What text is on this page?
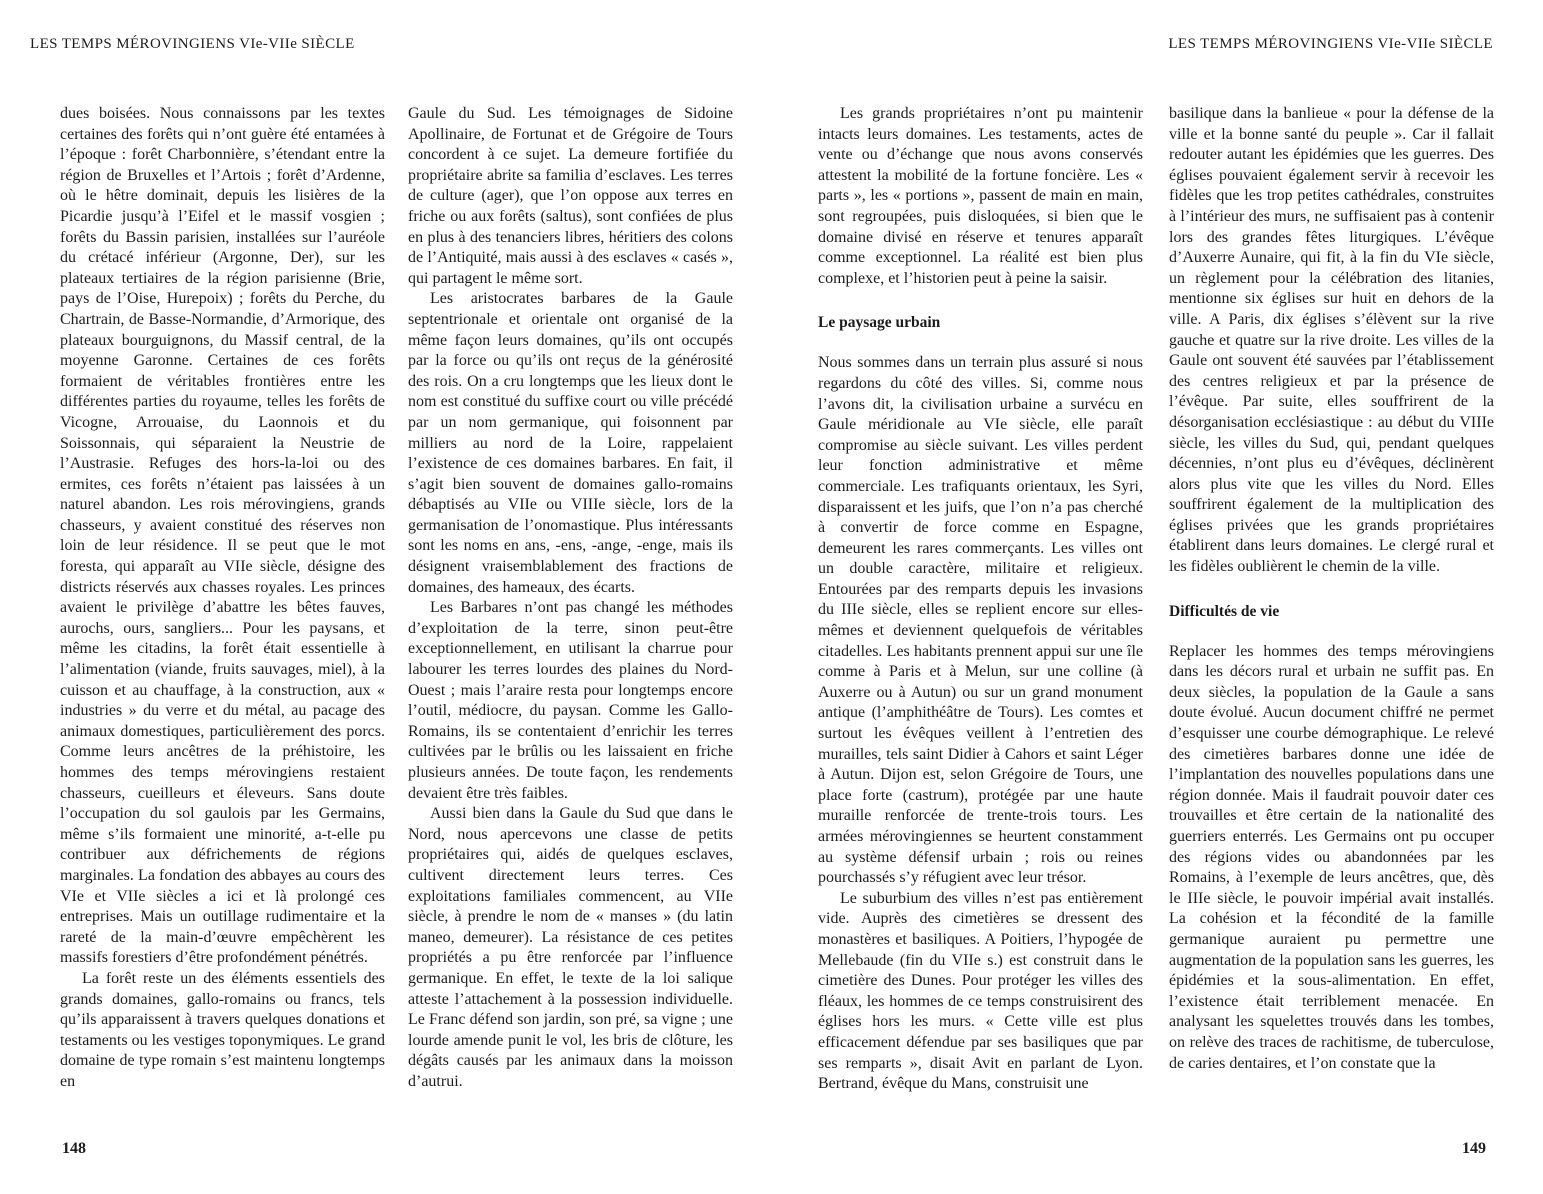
LES TEMPS MÉROVINGIENS VIe-VIIe SIÈCLE	LES TEMPS MÉROVINGIENS VIe-VIIe SIÈCLE

dues boisées. Nous connaissons par les textes certaines des forêts qui n’ont guère été entamées à l’époque : forêt Charbonnière, s’étendant entre la région de Bruxelles et l’Artois ; forêt d’Ardenne, où le hêtre dominait, depuis les lisières de la Picardie jusqu’à l’Eifel et le massif vosgien ; forêts du Bassin parisien, installées sur l’auréole du crétacé inférieur (Argonne, Der), sur les plateaux tertiaires de la région parisienne (Brie, pays de l’Oise, Hurepoix) ; forêts du Perche, du Chartrain, de Basse-Normandie, d’Armorique, des plateaux bourguignons, du Massif central, de la moyenne Garonne. Certaines de ces forêts formaient de véritables frontières entre les différentes parties du royaume, telles les forêts de Vicogne, Arrouaise, du Laonnois et du Soissonnais, qui séparaient la Neustrie de l’Austrasie. Refuges des hors-la-loi ou des ermites, ces forêts n’étaient pas laissées à un naturel abandon. Les rois mérovingiens, grands chasseurs, y avaient constitué des réserves non loin de leur résidence. Il se peut que le mot foresta, qui apparaît au VIIe siècle, désigne des districts réservés aux chasses royales. Les princes avaient le privilège d’abattre les bêtes fauves, aurochs, ours, sangliers... Pour les paysans, et même les citadins, la forêt était essentielle à l’alimentation (viande, fruits sauvages, miel), à la cuisson et au chauffage, à la construction, aux « industries » du verre et du métal, au pacage des animaux domestiques, particulièrement des porcs. Comme leurs ancêtres de la préhistoire, les hommes des temps mérovingiens restaient chasseurs, cueilleurs et éleveurs. Sans doute l’occupation du sol gaulois par les Germains, même s’ils formaient une minorité, a-t-elle pu contribuer aux défrichements de régions marginales. La fondation des abbayes au cours des VIe et VIIe siècles a ici et là prolongé ces entreprises. Mais un outillage rudimentaire et la rareté de la main-d’œuvre empêchèrent les massifs forestiers d’être profondément pénétrés.

La forêt reste un des éléments essentiels des grands domaines, gallo-romains ou francs, tels qu’ils apparaissent à travers quelques donations et testaments ou les vestiges toponymiques. Le grand domaine de type romain s’est maintenu longtemps en

Gaule du Sud. Les témoignages de Sidoine Apollinaire, de Fortunat et de Grégoire de Tours concordent à ce sujet. La demeure fortifiée du propriétaire abrite sa familia d’esclaves. Les terres de culture (ager), que l’on oppose aux terres en friche ou aux forêts (saltus), sont confiées de plus en plus à des tenanciers libres, héritiers des colons de l’Antiquité, mais aussi à des esclaves « casés », qui partagent le même sort.

Les aristocrates barbares de la Gaule septentrionale et orientale ont organisé de la même façon leurs domaines, qu’ils ont occupés par la force ou qu’ils ont reçus de la générosité des rois. On a cru longtemps que les lieux dont le nom est constitué du suffixe court ou ville précédé par un nom germanique, qui foisonnent par milliers au nord de la Loire, rappelaient l’existence de ces domaines barbares. En fait, il s’agit bien souvent de domaines gallo-romains débaptisés au VIIe ou VIIIe siècle, lors de la germanisation de l’onomastique. Plus intéressants sont les noms en ans, -ens, -ange, -enge, mais ils désignent vraisemblablement des fractions de domaines, des hameaux, des écarts.

Les Barbares n’ont pas changé les méthodes d’exploitation de la terre, sinon peut-être exceptionnellement, en utilisant la charrue pour labourer les terres lourdes des plaines du Nord-Ouest ; mais l’araire resta pour longtemps encore l’outil, médiocre, du paysan. Comme les Gallo-Romains, ils se contentaient d’enrichir les terres cultivées par le brûlis ou les laissaient en friche plusieurs années. De toute façon, les rendements devaient être très faibles.

Aussi bien dans la Gaule du Sud que dans le Nord, nous apercevons une classe de petits propriétaires qui, aidés de quelques esclaves, cultivent directement leurs terres. Ces exploitations familiales commencent, au VIIe siècle, à prendre le nom de « manses » (du latin maneo, demeurer). La résistance de ces petites propriétés a pu être renforcée par l’influence germanique. En effet, le texte de la loi salique atteste l’attachement à la possession individuelle. Le Franc défend son jardin, son pré, sa vigne ; une lourde amende punit le vol, les bris de clôture, les dégâts causés par les animaux dans la moisson d’autrui.

Les grands propriétaires n’ont pu maintenir intacts leurs domaines. Les testaments, actes de vente ou d’échange que nous avons conservés attestent la mobilité de la fortune foncière. Les « parts », les « portions », passent de main en main, sont regroupées, puis disloquées, si bien que le domaine divisé en réserve et tenures apparaît comme exceptionnel. La réalité est bien plus complexe, et l’historien peut à peine la saisir.

Le paysage urbain

Nous sommes dans un terrain plus assuré si nous regardons du côté des villes. Si, comme nous l’avons dit, la civilisation urbaine a survécu en Gaule méridionale au VIe siècle, elle paraît compromise au siècle suivant. Les villes perdent leur fonction administrative et même commerciale. Les trafiquants orientaux, les Syri, disparaissent et les juifs, que l’on n’a pas cherché à convertir de force comme en Espagne, demeurent les rares commerçants. Les villes ont un double caractère, militaire et religieux. Entourées par des remparts depuis les invasions du IIIe siècle, elles se replient encore sur elles-mêmes et deviennent quelquefois de véritables citadelles. Les habitants prennent appui sur une île comme à Paris et à Melun, sur une colline (à Auxerre ou à Autun) ou sur un grand monument antique (l’amphithéâtre de Tours). Les comtes et surtout les évêques veillent à l’entretien des murailles, tels saint Didier à Cahors et saint Léger à Autun. Dijon est, selon Grégoire de Tours, une place forte (castrum), protégée par une haute muraille renforcée de trente-trois tours. Les armées mérovingiennes se heurtent constamment au système défensif urbain ; rois ou reines pourchassés s’y réfugient avec leur trésor.

Le suburbium des villes n’est pas entièrement vide. Auprès des cimetières se dressent des monastères et basiliques. A Poitiers, l’hypogée de Mellebaude (fin du VIIe s.) est construit dans le cimetière des Dunes. Pour protéger les villes des fléaux, les hommes de ce temps construisirent des églises hors les murs. « Cette ville est plus efficacement défendue par ses basiliques que par ses remparts », disait Avit en parlant de Lyon. Bertrand, évêque du Mans, construisit une

basilique dans la banlieue « pour la défense de la ville et la bonne santé du peuple ». Car il fallait redouter autant les épidémies que les guerres. Des églises pouvaient également servir à recevoir les fidèles que les trop petites cathédrales, construites à l’intérieur des murs, ne suffisaient pas à contenir lors des grandes fêtes liturgiques. L’évêque d’Auxerre Aunaire, qui fit, à la fin du VIe siècle, un règlement pour la célébration des litanies, mentionne six églises sur huit en dehors de la ville. A Paris, dix églises s’élèvent sur la rive gauche et quatre sur la rive droite. Les villes de la Gaule ont souvent été sauvées par l’établissement des centres religieux et par la présence de l’évêque. Par suite, elles souffrirent de la désorganisation ecclésiastique : au début du VIIIe siècle, les villes du Sud, qui, pendant quelques décennies, n’ont plus eu d’évêques, déclinèrent alors plus vite que les villes du Nord. Elles souffrirent également de la multiplication des églises privées que les grands propriétaires établirent dans leurs domaines. Le clergé rural et les fidèles oublièrent le chemin de la ville.

Difficultés de vie

Replacer les hommes des temps mérovingiens dans les décors rural et urbain ne suffit pas. En deux siècles, la population de la Gaule a sans doute évolué. Aucun document chiffré ne permet d’esquisser une courbe démographique. Le relevé des cimetières barbares donne une idée de l’implantation des nouvelles populations dans une région donnée. Mais il faudrait pouvoir dater ces trouvailles et être certain de la nationalité des guerriers enterrés. Les Germains ont pu occuper des régions vides ou abandonnées par les Romains, à l’exemple de leurs ancêtres, que, dès le IIIe siècle, le pouvoir impérial avait installés. La cohésion et la fécondité de la famille germanique auraient pu permettre une augmentation de la population sans les guerres, les épidémies et la sous-alimentation. En effet, l’existence était terriblement menacée. En analysant les squelettes trouvés dans les tombes, on relève des traces de rachitisme, de tuberculose, de caries dentaires, et l’on constate que la

148	149
